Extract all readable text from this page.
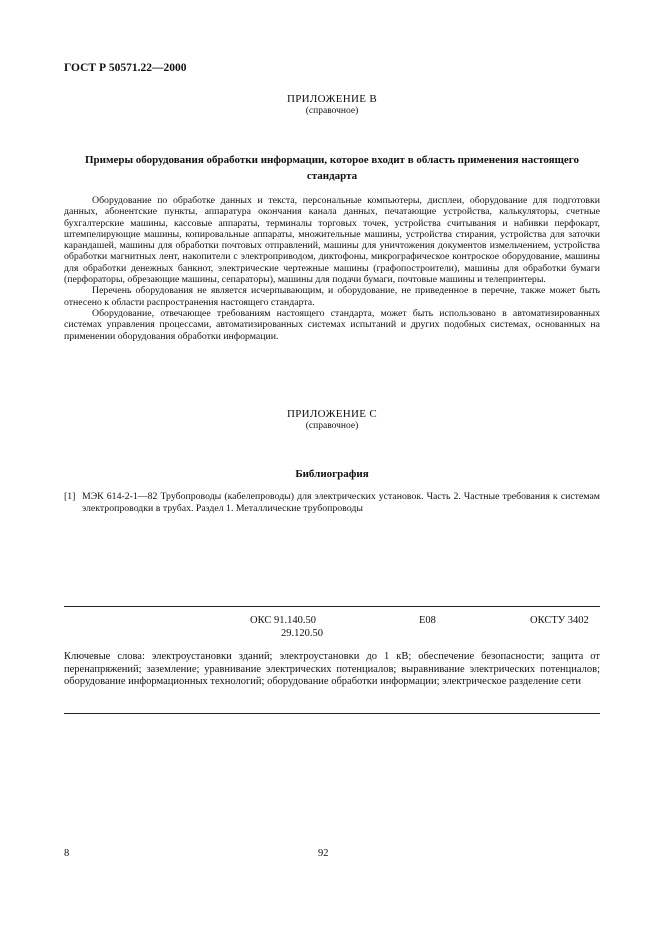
ГОСТ Р 50571.22—2000
ПРИЛОЖЕНИЕ В
(справочное)
Примеры оборудования обработки информации, которое входит в область применения настоящего стандарта

Оборудование по обработке данных и текста, персональные компьютеры, дисплеи, оборудование для подготовки данных, абонентские пункты, аппаратура окончания канала данных, печатающие устройства, калькуляторы, счетные бухгалтерские машины, кассовые аппараты, терминалы торговых точек, устройства считывания и набивки перфокарт, штемпелирующие машины, копировальные аппараты, множительные машины, устройства стирания, устройства для заточки карандашей, машины для обработки почтовых отправлений, машины для уничтожения документов измельчением, устройства обработки магнитных лент, накопители с электроприводом, диктофоны, микрографическое контроское оборудование, машины для обработки денежных банкнот, электрические чертежные машины (графопостроители), машины для обработки бумаги (перфораторы, обрезающие машины, сепараторы), машины для подачи бумаги, почтовые машины и телепринтеры.

Перечень оборудования не является исчерпывающим, и оборудование, не приведенное в перечне, также может быть отнесено к области распространения настоящего стандарта.

Оборудование, отвечающее требованиям настоящего стандарта, может быть использовано в автоматизированных системах управления процессами, автоматизированных системах испытаний и других подобных системах, основанных на применении оборудования обработки информации.

ПРИЛОЖЕНИЕ С
(справочное)
Библиография
[1] МЭК 614-2-1—82 Трубопроводы (кабелепроводы) для электрических установок. Часть 2. Частные требования к системам электропроводки в трубах. Раздел 1. Металлические трубопроводы
ОКС 91.140.50
29.120.50
Е08	ОКСТУ 3402
Ключевые слова: электроустановки зданий; электроустановки до 1 кВ; обеспечение безопасности; защита от перенапряжений; заземление; уравнивание электрических потенциалов; выравнивание электрических потенциалов; оборудование информационных технологий; оборудование обработки информации; электрическое разделение сети
8	92
